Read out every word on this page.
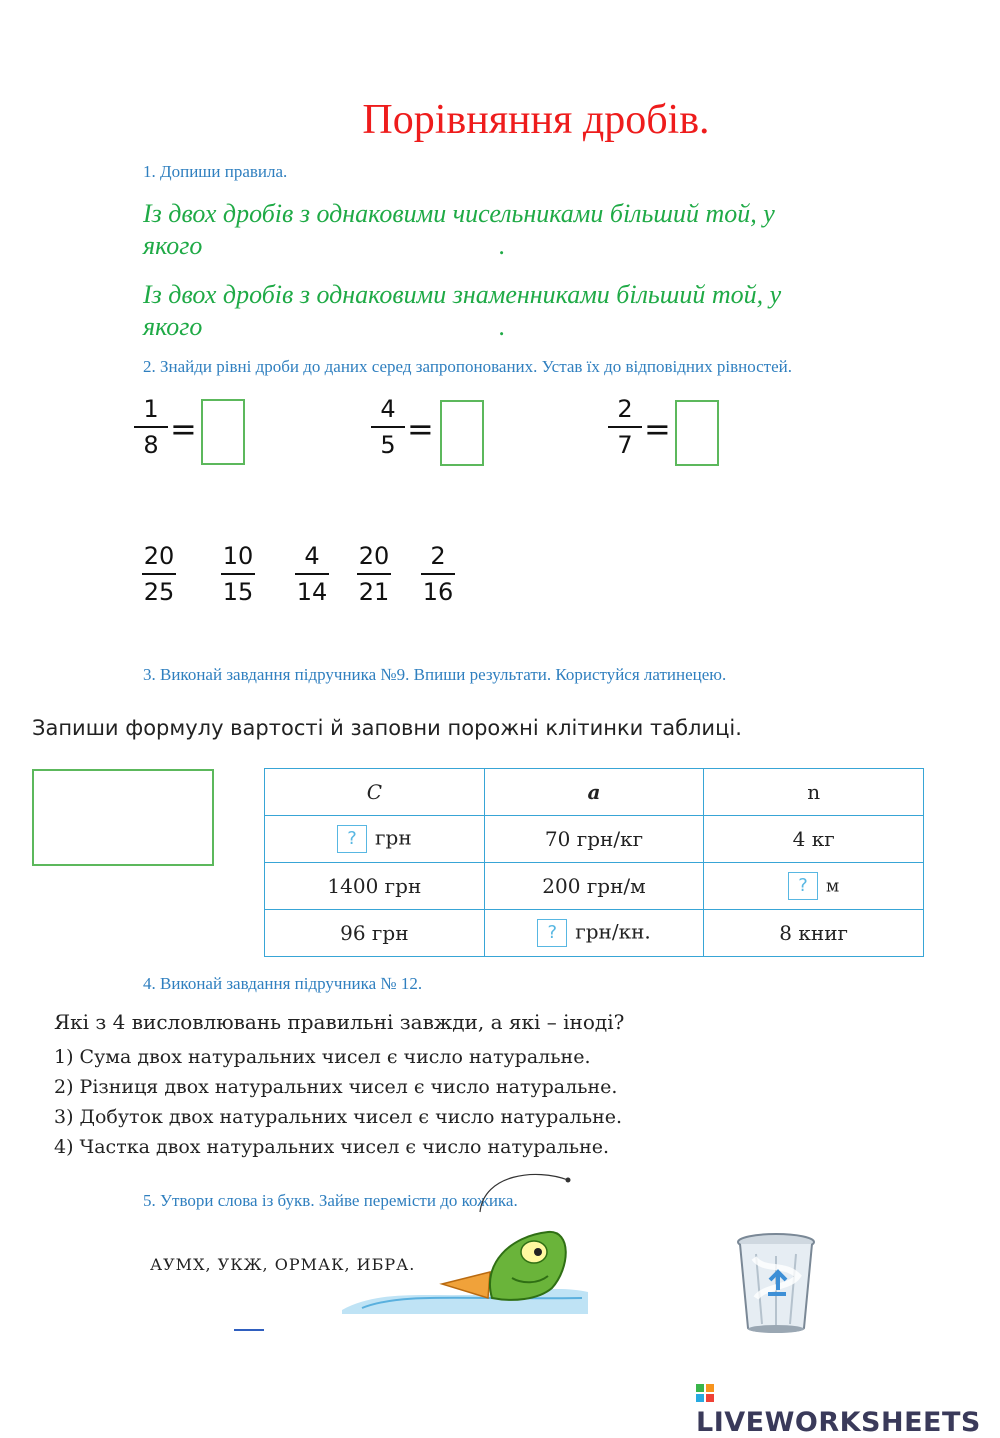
Порівняння дробів.
1. Допиши правила.
Із двох дробів з однаковими чисельниками більший той, у
якого	.
Із двох дробів з однаковими знаменниками більший той, у
якого	.
2. Знайди рівні дроби до даних серед запропонованих. Устав їх до відповідних рівностей.
1
8 =
4
5 =
2
7 =
20
25
10
15
4
14
20
21
2
16
3. Виконай завдання підручника №9. Впиши результати. Користуйся латинецею.
Запиши формулу вартості й заповни порожні клітинки таблиці.
C	a	n
? грн	70 грн/кг	4 кг
1400 грн	200 грн/м	? м
96 грн	? грн/кн.	8 книг
4. Виконай завдання підручника № 12.
Які з 4 висловлювань правильні завжди, а які – іноді?
1) Сума двох натуральних чисел є число натуральне.
2) Різниця двох натуральних чисел є число натуральне.
3) Добуток двох натуральних чисел є число натуральне.
4) Частка двох натуральних чисел є число натуральне.
5. Утвори слова із букв. Зайве перемісти до кожика.
АУМХ, УКЖ, ОРМАК, ИБРА.
LIVEWORKSHEETS
